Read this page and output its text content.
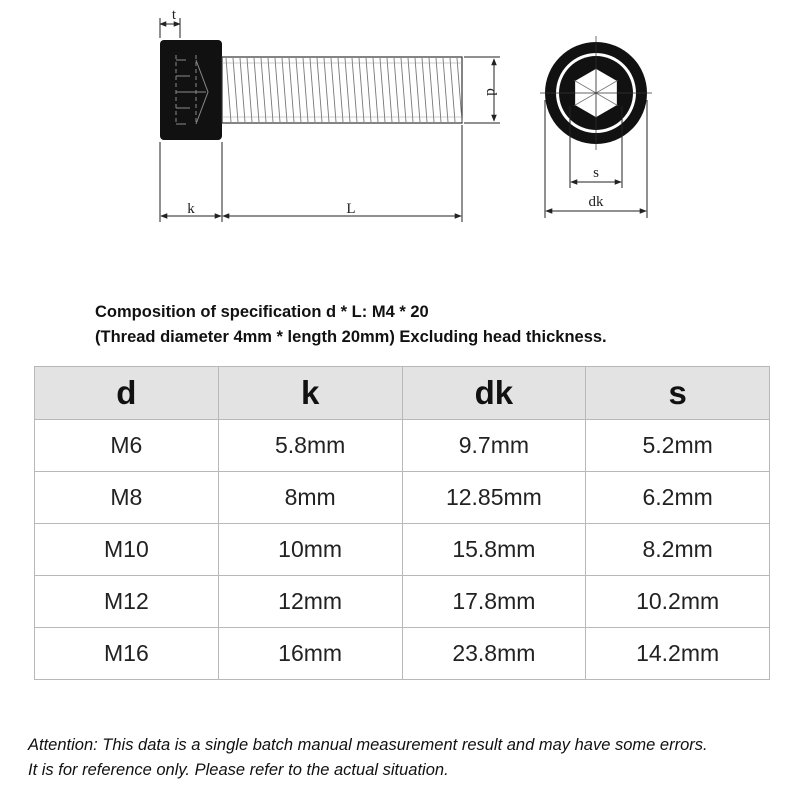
t
d
k	L
s
dk
Composition of specification d * L: M4 * 20
(Thread diameter 4mm * length 20mm) Excluding head thickness.
d	k	dk	s
M6	5.8mm	9.7mm	5.2mm
M8	8mm	12.85mm	6.2mm
M10	10mm	15.8mm	8.2mm
M12	12mm	17.8mm	10.2mm
M16	16mm	23.8mm	14.2mm
Attention: This data is a single batch manual measurement result and may have some errors.
It is for reference only. Please refer to the actual situation.
